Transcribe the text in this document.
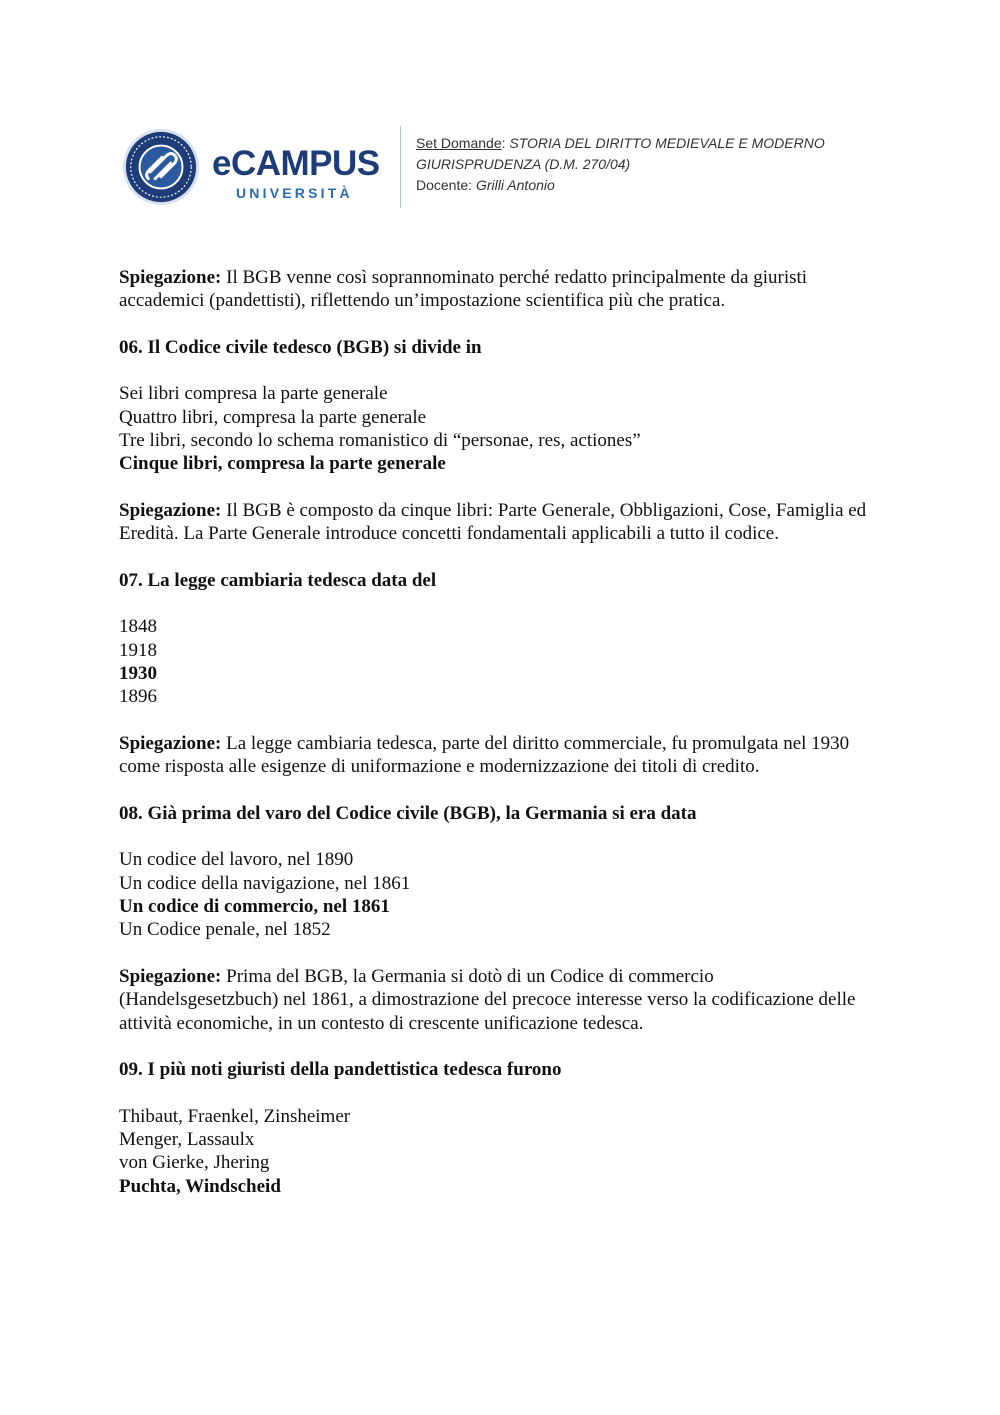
eCAMPUS
UNIVERSITÀ
Set Domande: STORIA DEL DIRITTO MEDIEVALE E MODERNO
GIURISPRUDENZA (D.M. 270/04)
Docente: Grilli Antonio

Spiegazione: Il BGB venne così soprannominato perché redatto principalmente da giuristi accademici (pandettisti), riflettendo un’impostazione scientifica più che pratica.

06. Il Codice civile tedesco (BGB) si divide in

Sei libri compresa la parte generale

Quattro libri, compresa la parte generale

Tre libri, secondo lo schema romanistico di “personae, res, actiones”

Cinque libri, compresa la parte generale

Spiegazione: Il BGB è composto da cinque libri: Parte Generale, Obbligazioni, Cose, Famiglia ed Eredità. La Parte Generale introduce concetti fondamentali applicabili a tutto il codice.

07. La legge cambiaria tedesca data del

1848

1918

1930

1896

Spiegazione: La legge cambiaria tedesca, parte del diritto commerciale, fu promulgata nel 1930 come risposta alle esigenze di uniformazione e modernizzazione dei titoli di credito.

08. Già prima del varo del Codice civile (BGB), la Germania si era data

Un codice del lavoro, nel 1890

Un codice della navigazione, nel 1861

Un codice di commercio, nel 1861

Un Codice penale, nel 1852

Spiegazione: Prima del BGB, la Germania si dotò di un Codice di commercio (Handelsgesetzbuch) nel 1861, a dimostrazione del precoce interesse verso la codificazione delle attività economiche, in un contesto di crescente unificazione tedesca.

09. I più noti giuristi della pandettistica tedesca furono

Thibaut, Fraenkel, Zinsheimer

Menger, Lassaulx

von Gierke, Jhering

Puchta, Windscheid
